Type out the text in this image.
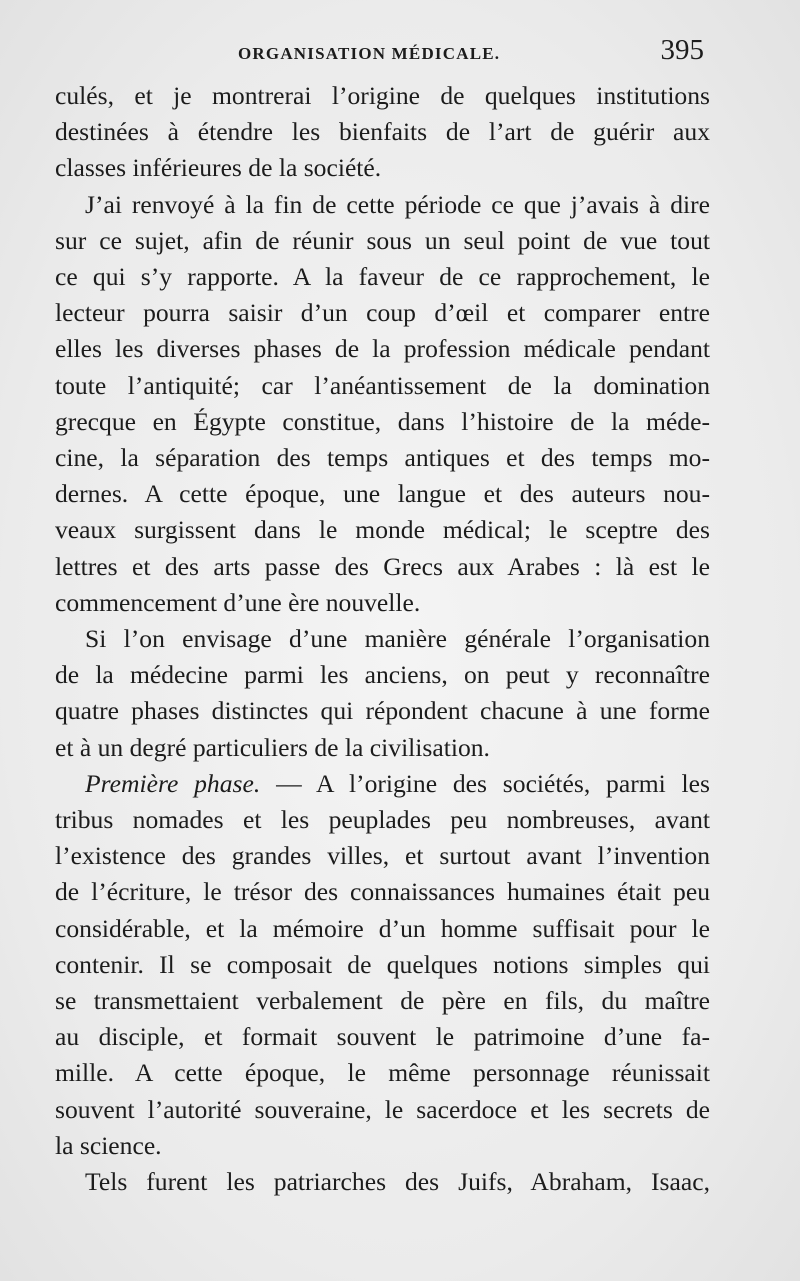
ORGANISATION MÉDICALE.	395

culés, et je montrerai l’origine de quelques institutions
destinées à étendre les bienfaits de l’art de guérir aux
classes inférieures de la société.

J’ai renvoyé à la fin de cette période ce que j’avais à dire
sur ce sujet, afin de réunir sous un seul point de vue tout
ce qui s’y rapporte. A la faveur de ce rapprochement, le
lecteur pourra saisir d’un coup d’œil et comparer entre
elles les diverses phases de la profession médicale pendant
toute l’antiquité; car l’anéantissement de la domination
grecque en Égypte constitue, dans l’histoire de la méde-
cine, la séparation des temps antiques et des temps mo-
dernes. A cette époque, une langue et des auteurs nou-
veaux surgissent dans le monde médical; le sceptre des
lettres et des arts passe des Grecs aux Arabes : là est le
commencement d’une ère nouvelle.

Si l’on envisage d’une manière générale l’organisation
de la médecine parmi les anciens, on peut y reconnaître
quatre phases distinctes qui répondent chacune à une forme
et à un degré particuliers de la civilisation.

Première phase. — A l’origine des sociétés, parmi les
tribus nomades et les peuplades peu nombreuses, avant
l’existence des grandes villes, et surtout avant l’invention
de l’écriture, le trésor des connaissances humaines était peu
considérable, et la mémoire d’un homme suffisait pour le
contenir. Il se composait de quelques notions simples qui
se transmettaient verbalement de père en fils, du maître
au disciple, et formait souvent le patrimoine d’une fa-
mille. A cette époque, le même personnage réunissait
souvent l’autorité souveraine, le sacerdoce et les secrets de
la science.

Tels furent les patriarches des Juifs, Abraham, Isaac,
